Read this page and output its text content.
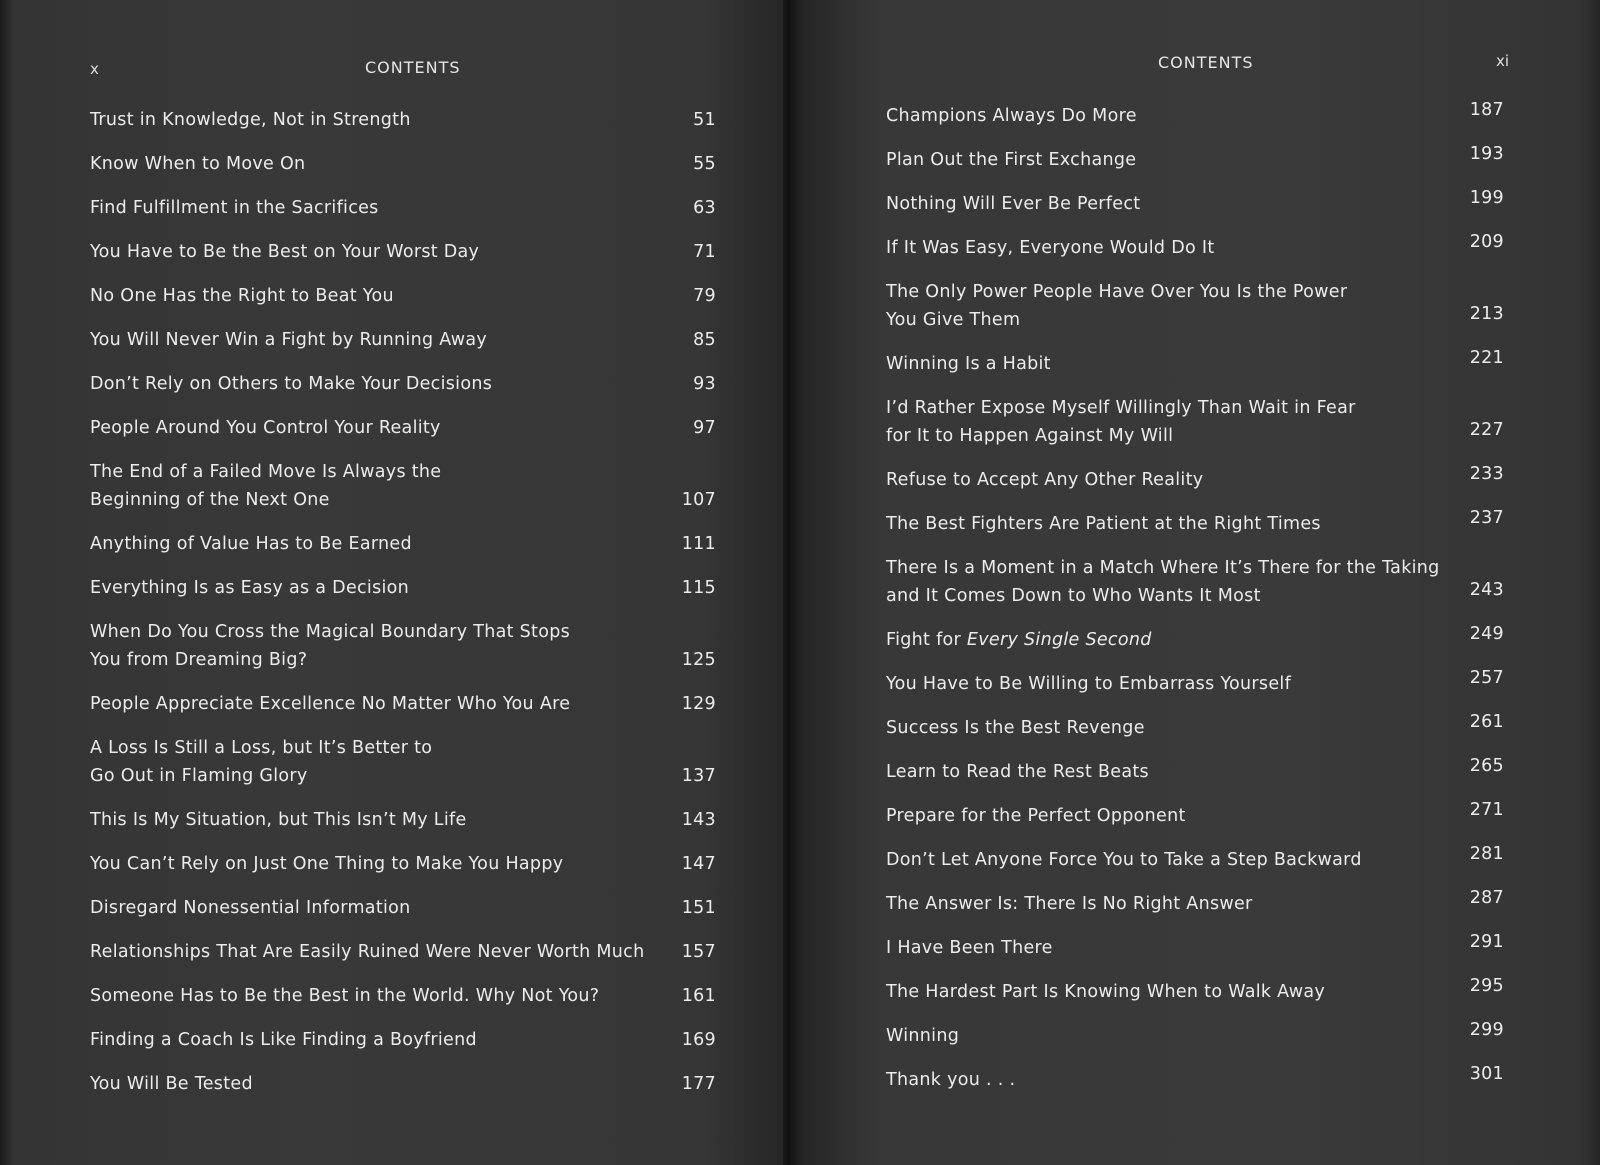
x	CONTENTS
Trust in Knowledge, Not in Strength	51
Know When to Move On	55
Find Fulfillment in the Sacrifices	63
You Have to Be the Best on Your Worst Day	71
No One Has the Right to Beat You	79
You Will Never Win a Fight by Running Away	85
Don’t Rely on Others to Make Your Decisions	93
People Around You Control Your Reality	97
The End of a Failed Move Is Always the
Beginning of the Next One	107
Anything of Value Has to Be Earned	111
Everything Is as Easy as a Decision	115
When Do You Cross the Magical Boundary That Stops
You from Dreaming Big?	125
People Appreciate Excellence No Matter Who You Are	129
A Loss Is Still a Loss, but It’s Better to
Go Out in Flaming Glory	137
This Is My Situation, but This Isn’t My Life	143
You Can’t Rely on Just One Thing to Make You Happy	147
Disregard Nonessential Information	151
Relationships That Are Easily Ruined Were Never Worth Much	157
Someone Has to Be the Best in the World. Why Not You?	161
Finding a Coach Is Like Finding a Boyfriend	169
You Will Be Tested	177
CONTENTS	xi
Champions Always Do More	187
Plan Out the First Exchange	193
Nothing Will Ever Be Perfect	199
If It Was Easy, Everyone Would Do It	209
The Only Power People Have Over You Is the Power
You Give Them	213
Winning Is a Habit	221
I’d Rather Expose Myself Willingly Than Wait in Fear
for It to Happen Against My Will	227
Refuse to Accept Any Other Reality	233
The Best Fighters Are Patient at the Right Times	237
There Is a Moment in a Match Where It’s There for the Taking
and It Comes Down to Who Wants It Most	243
Fight for Every Single Second	249
You Have to Be Willing to Embarrass Yourself	257
Success Is the Best Revenge	261
Learn to Read the Rest Beats	265
Prepare for the Perfect Opponent	271
Don’t Let Anyone Force You to Take a Step Backward	281
The Answer Is: There Is No Right Answer	287
I Have Been There	291
The Hardest Part Is Knowing When to Walk Away	295
Winning	299
Thank you . . .	301
